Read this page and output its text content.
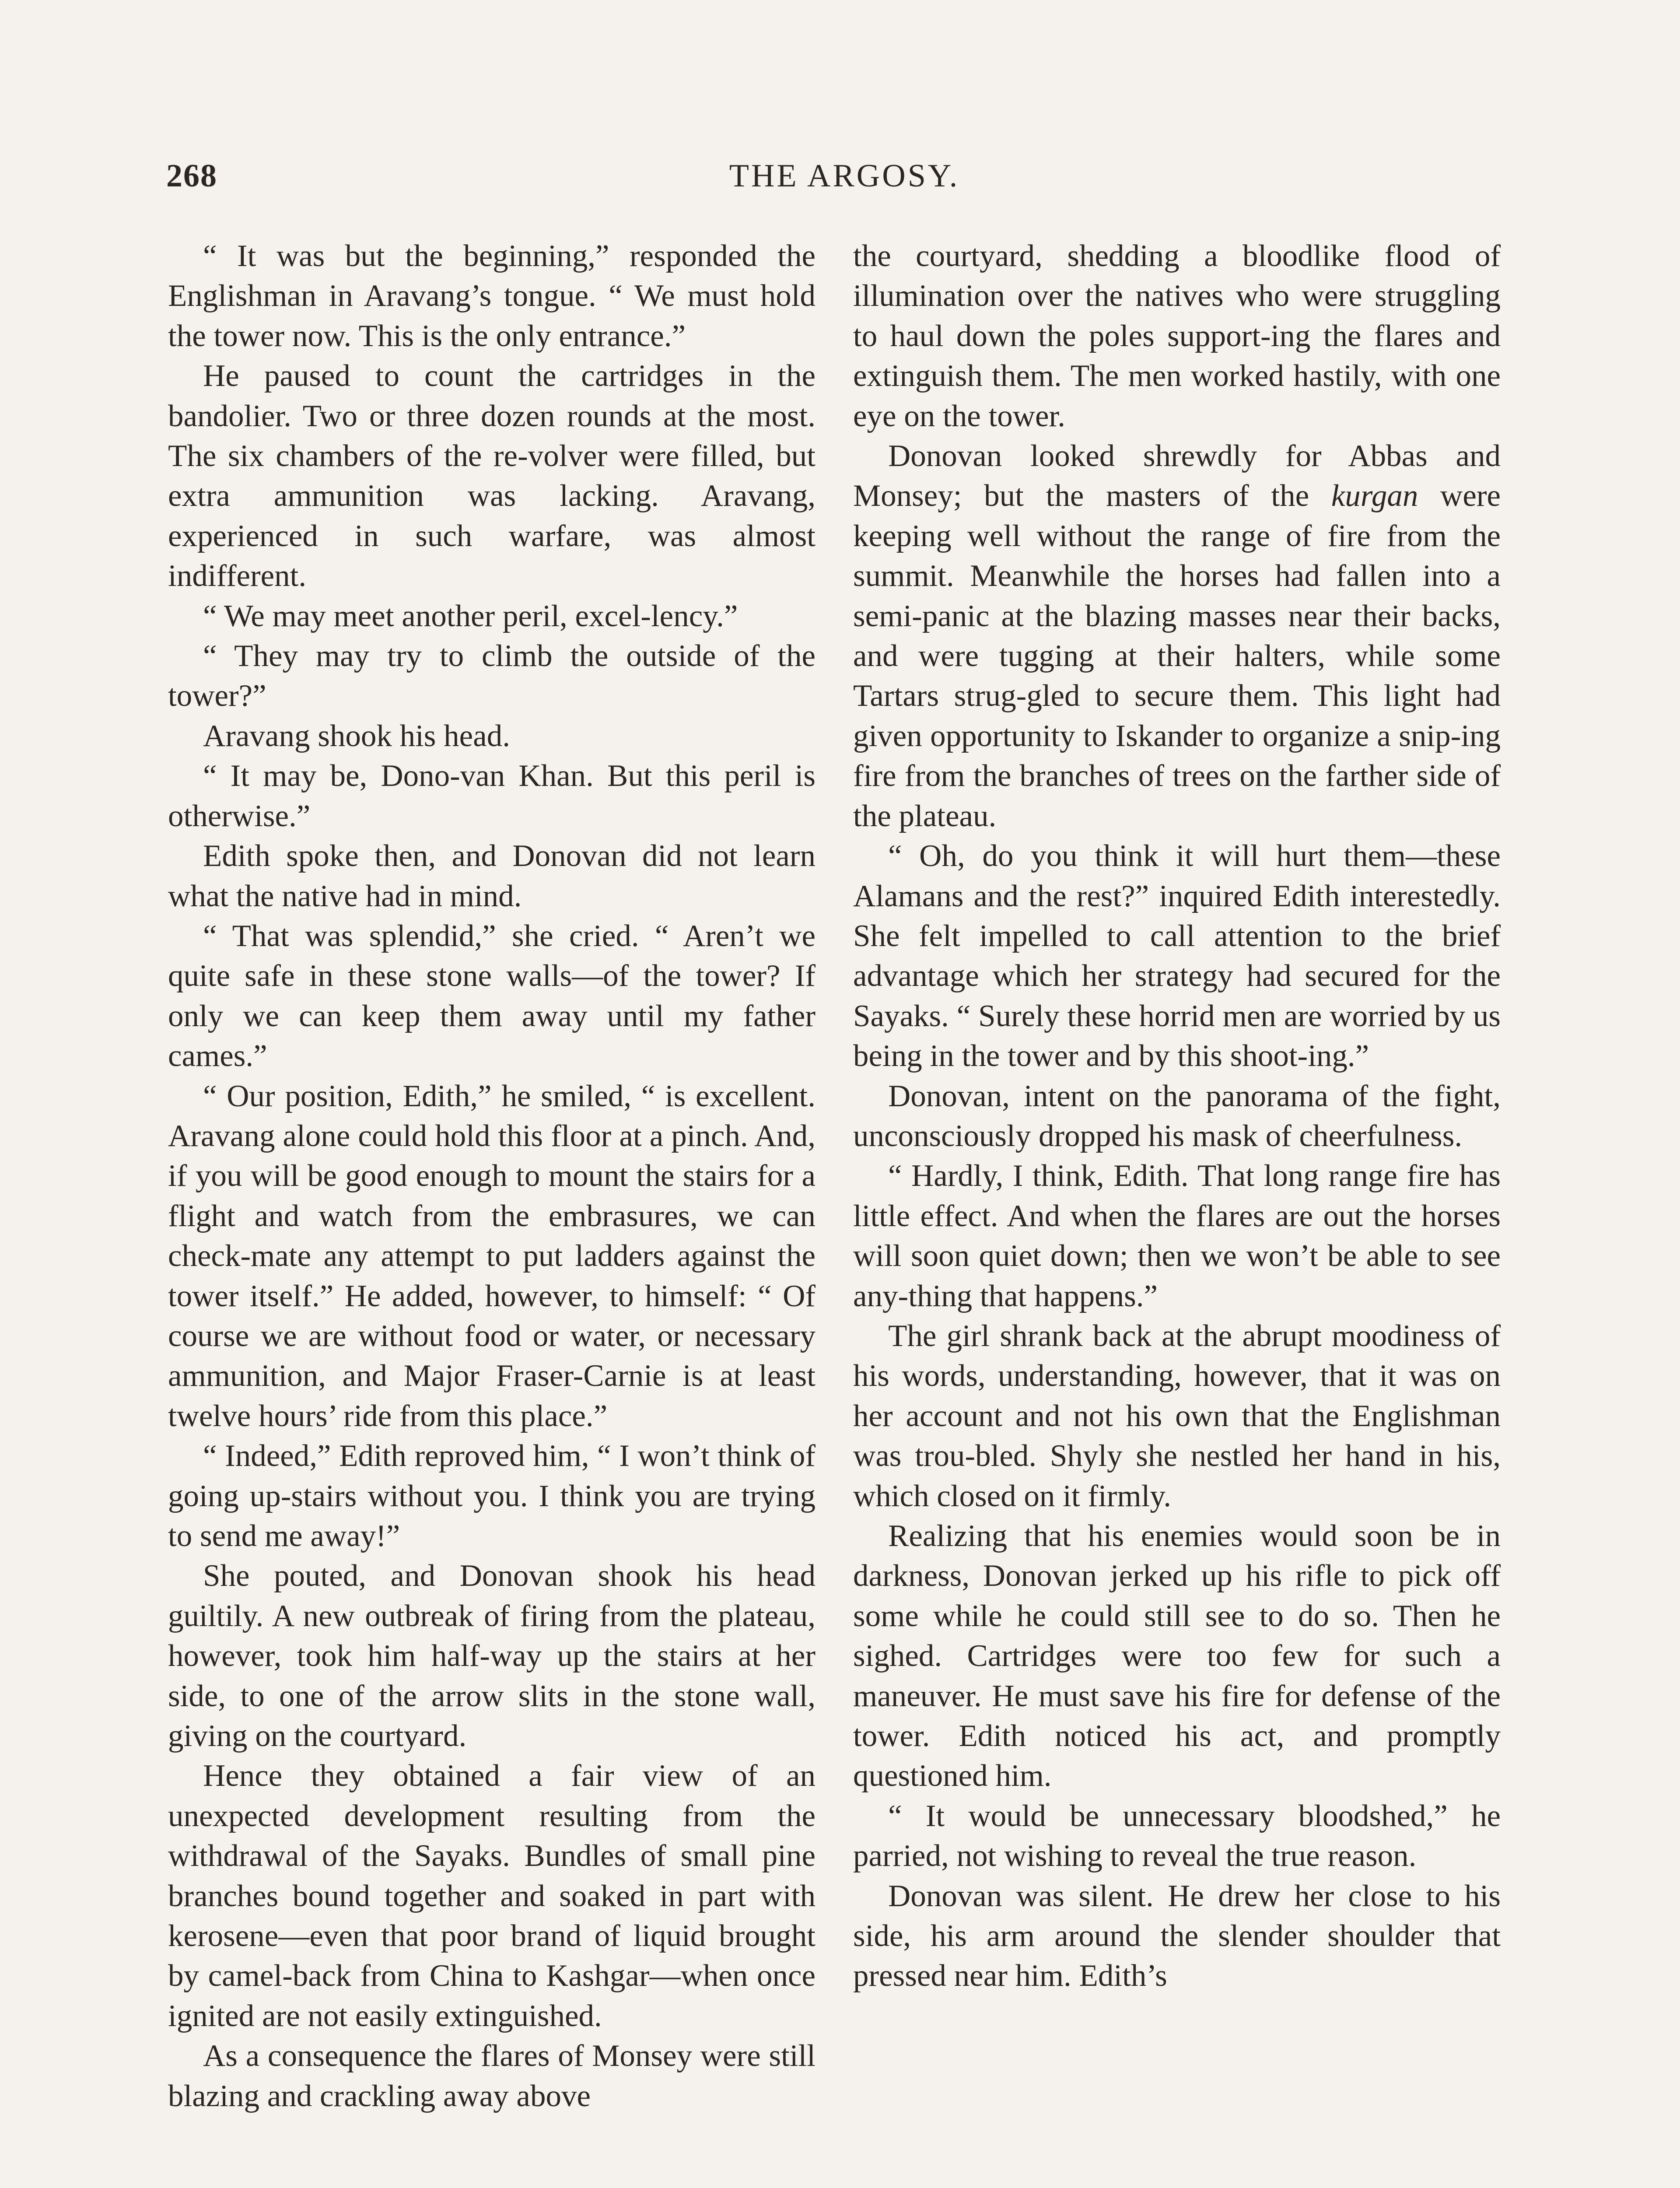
268	THE ARGOSY.

“ It was but the beginning,” responded the Englishman in Aravang’s tongue. “ We must hold the tower now. This is the only entrance.”

He paused to count the cartridges in the bandolier. Two or three dozen rounds at the most. The six chambers of the re-volver were filled, but extra ammunition was lacking. Aravang, experienced in such warfare, was almost indifferent.

“ We may meet another peril, excel-lency.”

“ They may try to climb the outside of the tower?”

Aravang shook his head.

“ It may be, Dono-van Khan. But this peril is otherwise.”

Edith spoke then, and Donovan did not learn what the native had in mind.

“ That was splendid,” she cried. “ Aren’t we quite safe in these stone walls—of the tower? If only we can keep them away until my father cames.”

“ Our position, Edith,” he smiled, “ is excellent. Aravang alone could hold this floor at a pinch. And, if you will be good enough to mount the stairs for a flight and watch from the embrasures, we can check-mate any attempt to put ladders against the tower itself.” He added, however, to himself: “ Of course we are without food or water, or necessary ammunition, and Major Fraser-Carnie is at least twelve hours’ ride from this place.”

“ Indeed,” Edith reproved him, “ I won’t think of going up-stairs without you. I think you are trying to send me away!”

She pouted, and Donovan shook his head guiltily. A new outbreak of firing from the plateau, however, took him half-way up the stairs at her side, to one of the arrow slits in the stone wall, giving on the courtyard.

Hence they obtained a fair view of an unexpected development resulting from the withdrawal of the Sayaks. Bundles of small pine branches bound together and soaked in part with kerosene—even that poor brand of liquid brought by camel-back from China to Kashgar—when once ignited are not easily extinguished.

As a consequence the flares of Monsey were still blazing and crackling away above

the courtyard, shedding a bloodlike flood of illumination over the natives who were struggling to haul down the poles support-ing the flares and extinguish them. The men worked hastily, with one eye on the tower.

Donovan looked shrewdly for Abbas and Monsey; but the masters of the kurgan were keeping well without the range of fire from the summit. Meanwhile the horses had fallen into a semi-panic at the blazing masses near their backs, and were tugging at their halters, while some Tartars strug-gled to secure them. This light had given opportunity to Iskander to organize a snip-ing fire from the branches of trees on the farther side of the plateau.

“ Oh, do you think it will hurt them—these Alamans and the rest?” inquired Edith interestedly. She felt impelled to call attention to the brief advantage which her strategy had secured for the Sayaks. “ Surely these horrid men are worried by us being in the tower and by this shoot-ing.”

Donovan, intent on the panorama of the fight, unconsciously dropped his mask of cheerfulness.

“ Hardly, I think, Edith. That long range fire has little effect. And when the flares are out the horses will soon quiet down; then we won’t be able to see any-thing that happens.”

The girl shrank back at the abrupt moodiness of his words, understanding, however, that it was on her account and not his own that the Englishman was trou-bled. Shyly she nestled her hand in his, which closed on it firmly.

Realizing that his enemies would soon be in darkness, Donovan jerked up his rifle to pick off some while he could still see to do so. Then he sighed. Cartridges were too few for such a maneuver. He must save his fire for defense of the tower. Edith noticed his act, and promptly questioned him.

“ It would be unnecessary bloodshed,” he parried, not wishing to reveal the true reason.

Donovan was silent. He drew her close to his side, his arm around the slender shoulder that pressed near him. Edith’s
